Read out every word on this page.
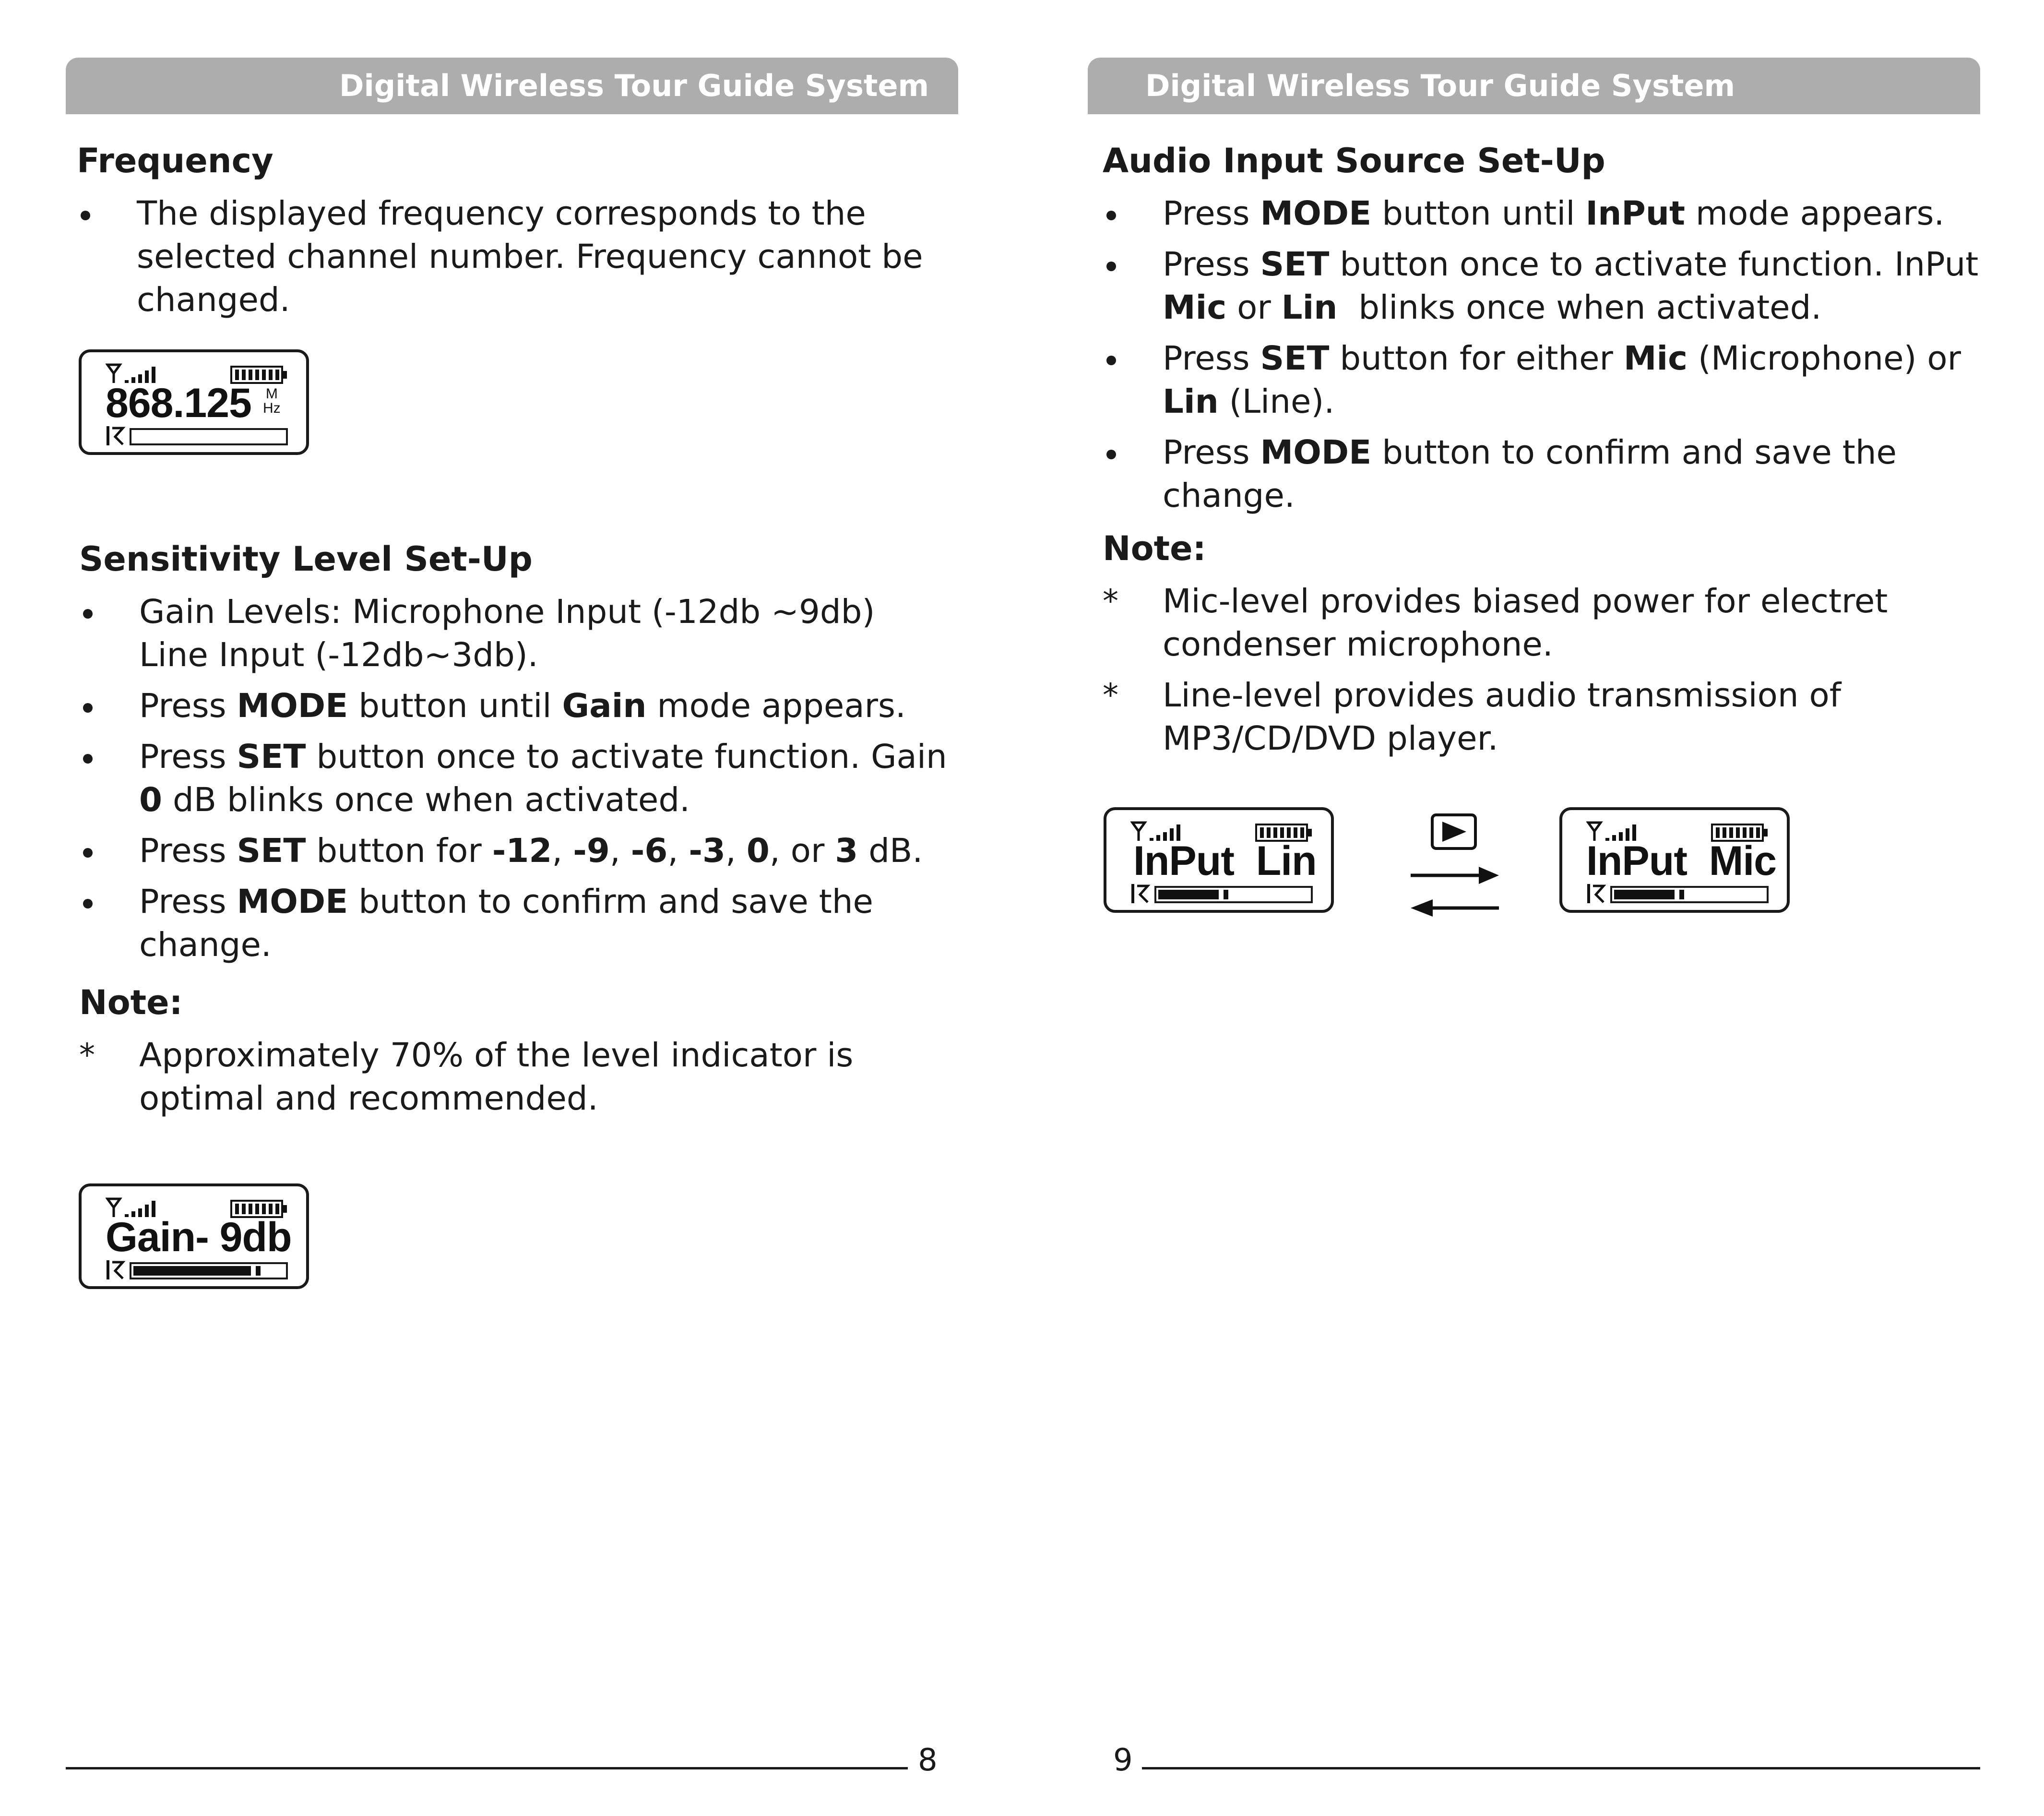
Digital Wireless Tour Guide System
Frequency
The displayed frequency corresponds to the selected channel number. Frequency cannot be changed.
868.125 M
Hz
Sensitivity Level Set-Up
Gain Levels: Microphone Input (-12db ~9db)
Line Input (-12db~3db).
Press MODE button until Gain mode appears.
Press SET button once to activate function. Gain
0 dB blinks once when activated.
Press SET button for -12, -9, -6, -3, 0, or 3 dB.
Press MODE button to confirm and save the change.
Note:
*	Approximately 70% of the level indicator is optimal and recommended.
Gain- 9db
8
Digital Wireless Tour Guide System
Audio Input Source Set-Up
Press MODE button until InPut mode appears.
Press SET button once to activate function. InPut
Mic or Lin  blinks once when activated.
Press SET button for either Mic (Microphone) or
Lin (Line).
Press MODE button to confirm and save the change.
Note:
*	Mic-level provides biased power for electret condenser microphone.
*	Line-level provides audio transmission of MP3/CD/DVD player.
InPut  Lin	InPut  Mic
9
